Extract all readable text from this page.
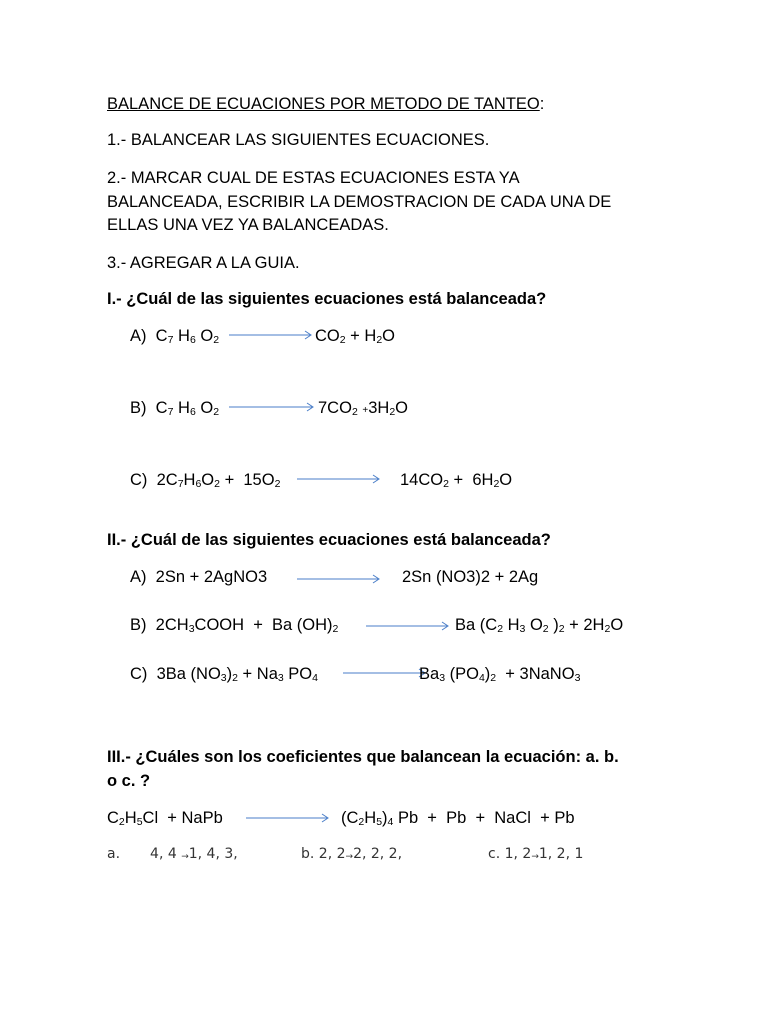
BALANCE DE ECUACIONES POR METODO DE TANTEO:
1.- BALANCEAR LAS SIGUIENTES ECUACIONES.
2.- MARCAR CUAL DE ESTAS ECUACIONES ESTA YA
BALANCEADA, ESCRIBIR LA DEMOSTRACION DE CADA UNA DE
ELLAS UNA VEZ YA BALANCEADAS.
3.- AGREGAR A LA GUIA.
I.- ¿Cuál de las siguientes ecuaciones está balanceada?
A)  $C_7$ $H_6$ $O_2$	$CO_2 + H_2O$
B)  $C_7$ $H_6$ $O_2$	$7CO_2 +3H_2O$
C)  $2C_7H_6O_2 + 15O_2$	$14CO_2 + 6H_2O$
II.- ¿Cuál de las siguientes ecuaciones está balanceada?
A) 2Sn + 2AgNO3	2Sn (NO3)2 + 2Ag
B)  $2CH_3COOH + Ba$ $(OH)_2$	Ba ($C_2$ $H_3$ $O_2$ )$_2 + 2H_2O$
C)  3Ba $(NO_3)_2 + Na_3$ $PO_4$	$Ba_3$ $(PO_4)_2$  + 3NaNO$_3$
III.- ¿Cuáles son los coeficientes que balancean la ecuación: a. b.
o c. ?
$C_2H_5Cl$  + NaPb	$(C_2H_5)_4$ Pb  +  Pb  +  NaCl  + Pb
a. 4, 4 →1, 4, 3,	b. 2, 2→2, 2, 2,	c. 1, 2→1, 2, 1
